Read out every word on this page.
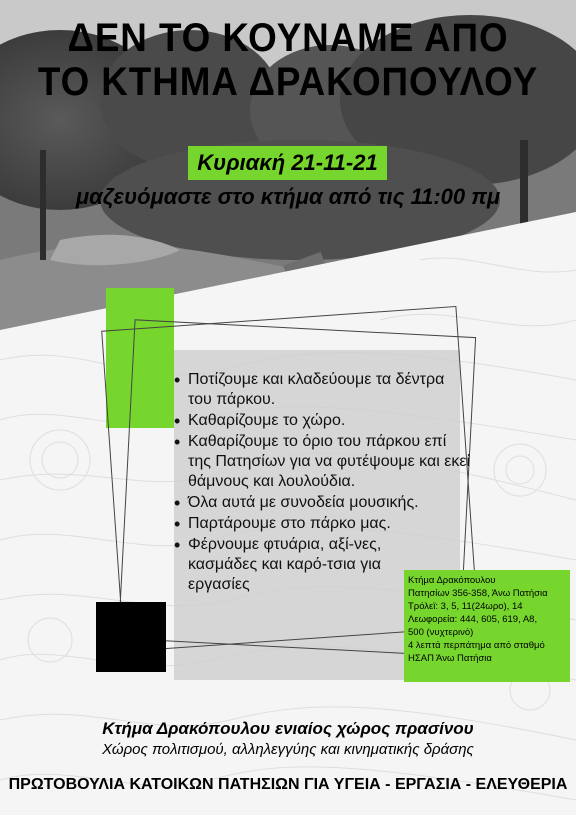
ΔΕΝ ΤΟ ΚΟΥΝΑΜΕ ΑΠΟ
ΤΟ ΚΤΗΜΑ ΔΡΑΚΟΠΟΥΛΟΥ
Κυριακή 21-11-21
μαζευόμαστε στο κτήμα από τις 11:00 πμ
• Ποτίζουμε και κλαδεύουμε τα δέντρα του πάρκου.
• Καθαρίζουμε το χώρο.
• Καθαρίζουμε το όριο του πάρκου επί της Πατησίων για να φυτέψουμε και εκεί θάμνους και λουλούδια.
• Όλα αυτά με συνοδεία μουσικής.
• Παρτάρουμε στο πάρκο μας.
• Φέρνουμε φτυάρια, αξί-νες, κασμάδες και καρό-τσια για εργασίες	Κτήμα Δρακόπουλου
Πατησίων 356-358, Άνω Πατήσια
Τρόλεϊ: 3, 5, 11(24ωρο), 14
Λεωφορεία: 444, 605, 619, Α8,
500 (νυχτερινό)
4 λεπτά περπάτημα από σταθμό
ΗΣΑΠ Άνω Πατήσια
Κτήμα Δρακόπουλου ενιαίος χώρος πρασίνου
Χώρος πολιτισμού, αλληλεγγύης και κινηματικής δράσης
ΠΡΩΤΟΒΟΥΛΙΑ ΚΑΤΟΙΚΩΝ ΠΑΤΗΣΙΩΝ ΓΙΑ ΥΓΕΙΑ - ΕΡΓΑΣΙΑ - ΕΛΕΥΘΕΡΙΑ
